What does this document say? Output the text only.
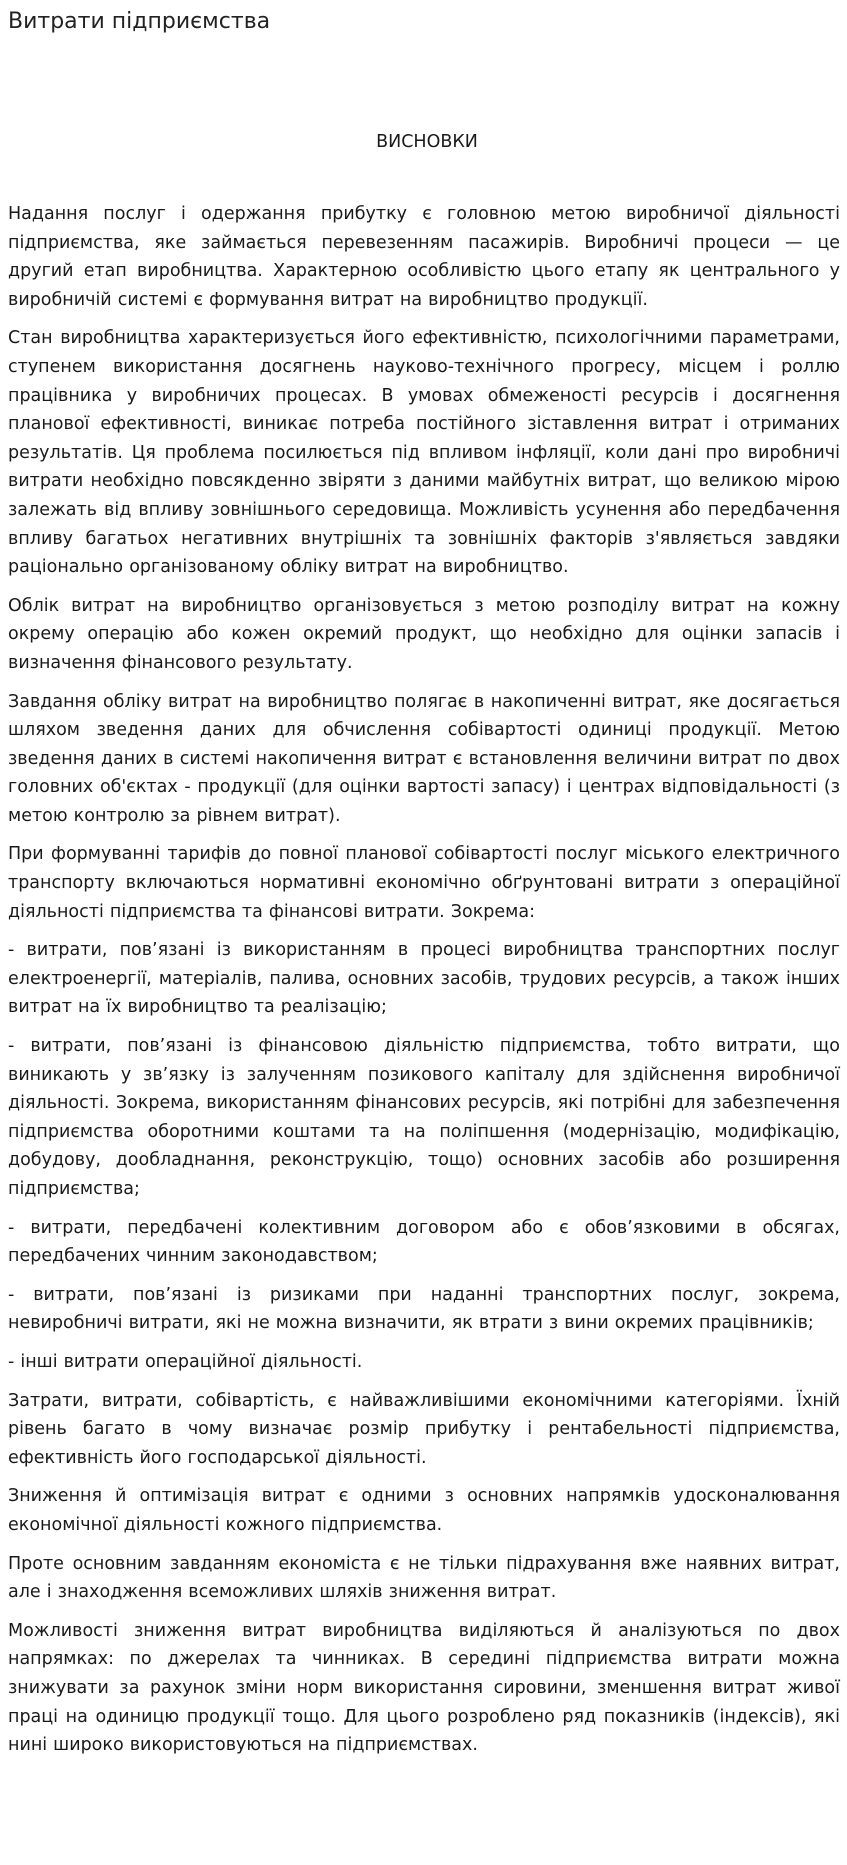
Витрати підприємства
ВИСНОВКИ

Надання послуг і одержання прибутку є головною метою виробничої діяльності підприємства, яке займається перевезенням пасажирів. Виробничі процеси — це другий етап виробництва. Характерною особливістю цього етапу як центрального у виробничій системі є формування витрат на виробництво продукції.

Стан виробництва характеризується його ефективністю, психологічними параметрами, ступенем використання досягнень науково-технічного прогресу, місцем і роллю працівника у виробничих процесах. В умовах обмеженості ресурсів і досягнення планової ефективності, виникає потреба постійного зіставлення витрат і отриманих результатів. Ця проблема посилюється під впливом інфляції, коли дані про виробничі витрати необхідно повсякденно звіряти з даними майбутніх витрат, що великою мірою залежать від впливу зовнішнього середовища. Можливість усунення або передбачення впливу багатьох негативних внутрішніх та зовнішніх факторів з'являється завдяки раціонально організованому обліку витрат на виробництво.

Облік витрат на виробництво організовується з метою розподілу витрат на кожну окрему операцію або кожен окремий продукт, що необхідно для оцінки запасів і визначення фінансового результату.

Завдання обліку витрат на виробництво полягає в накопиченні витрат, яке досягається шляхом зведення даних для обчислення собівартості одиниці продукції. Метою зведення даних в системі накопичення витрат є встановлення величини витрат по двох головних об'єктах - продукції (для оцінки вартості запасу) і центрах відповідальності (з метою контролю за рівнем витрат).

При формуванні тарифів до повної планової собівартості послуг міського електричного транспорту включаються нормативні економічно обґрунтовані витрати з операційної діяльності підприємства та фінансові витрати. Зокрема:

- витрати, пов’язані із використанням в процесі виробництва транспортних послуг електроенергії, матеріалів, палива, основних засобів, трудових ресурсів, а також інших витрат на їх виробництво та реалізацію;

- витрати, пов’язані із фінансовою діяльністю підприємства, тобто витрати, що виникають у зв’язку із залученням позикового капіталу для здійснення виробничої діяльності. Зокрема, використанням фінансових ресурсів, які потрібні для забезпечення підприємства оборотними коштами та на поліпшення (модернізацію, модифікацію, добудову, дообладнання, реконструкцію, тощо) основних засобів або розширення підприємства;

- витрати, передбачені колективним договором або є обов’язковими в обсягах, передбачених чинним законодавством;

- витрати, пов’язані із ризиками при наданні транспортних послуг, зокрема, невиробничі витрати, які не можна визначити, як втрати з вини окремих працівників;

- інші витрати операційної діяльності.

Затрати, витрати, собівартість, є найважливішими економічними категоріями. Їхній рівень багато в чому визначає розмір прибутку і рентабельності підприємства, ефективність його господарської діяльності.

Зниження й оптимізація витрат є одними з основних напрямків удосконалювання економічної діяльності кожного підприємства.

Проте основним завданням економіста є не тільки підрахування вже наявних витрат, але і знаходження всеможливих шляхів зниження витрат.

Можливості зниження витрат виробництва виділяються й аналізуються по двох напрямках: по джерелах та чинниках. В середині підприємства витрати можна знижувати за рахунок зміни норм використання сировини, зменшення витрат живої праці на одиницю продукції тощо. Для цього розроблено ряд показників (індексів), які нині широко використовуються на підприємствах.
